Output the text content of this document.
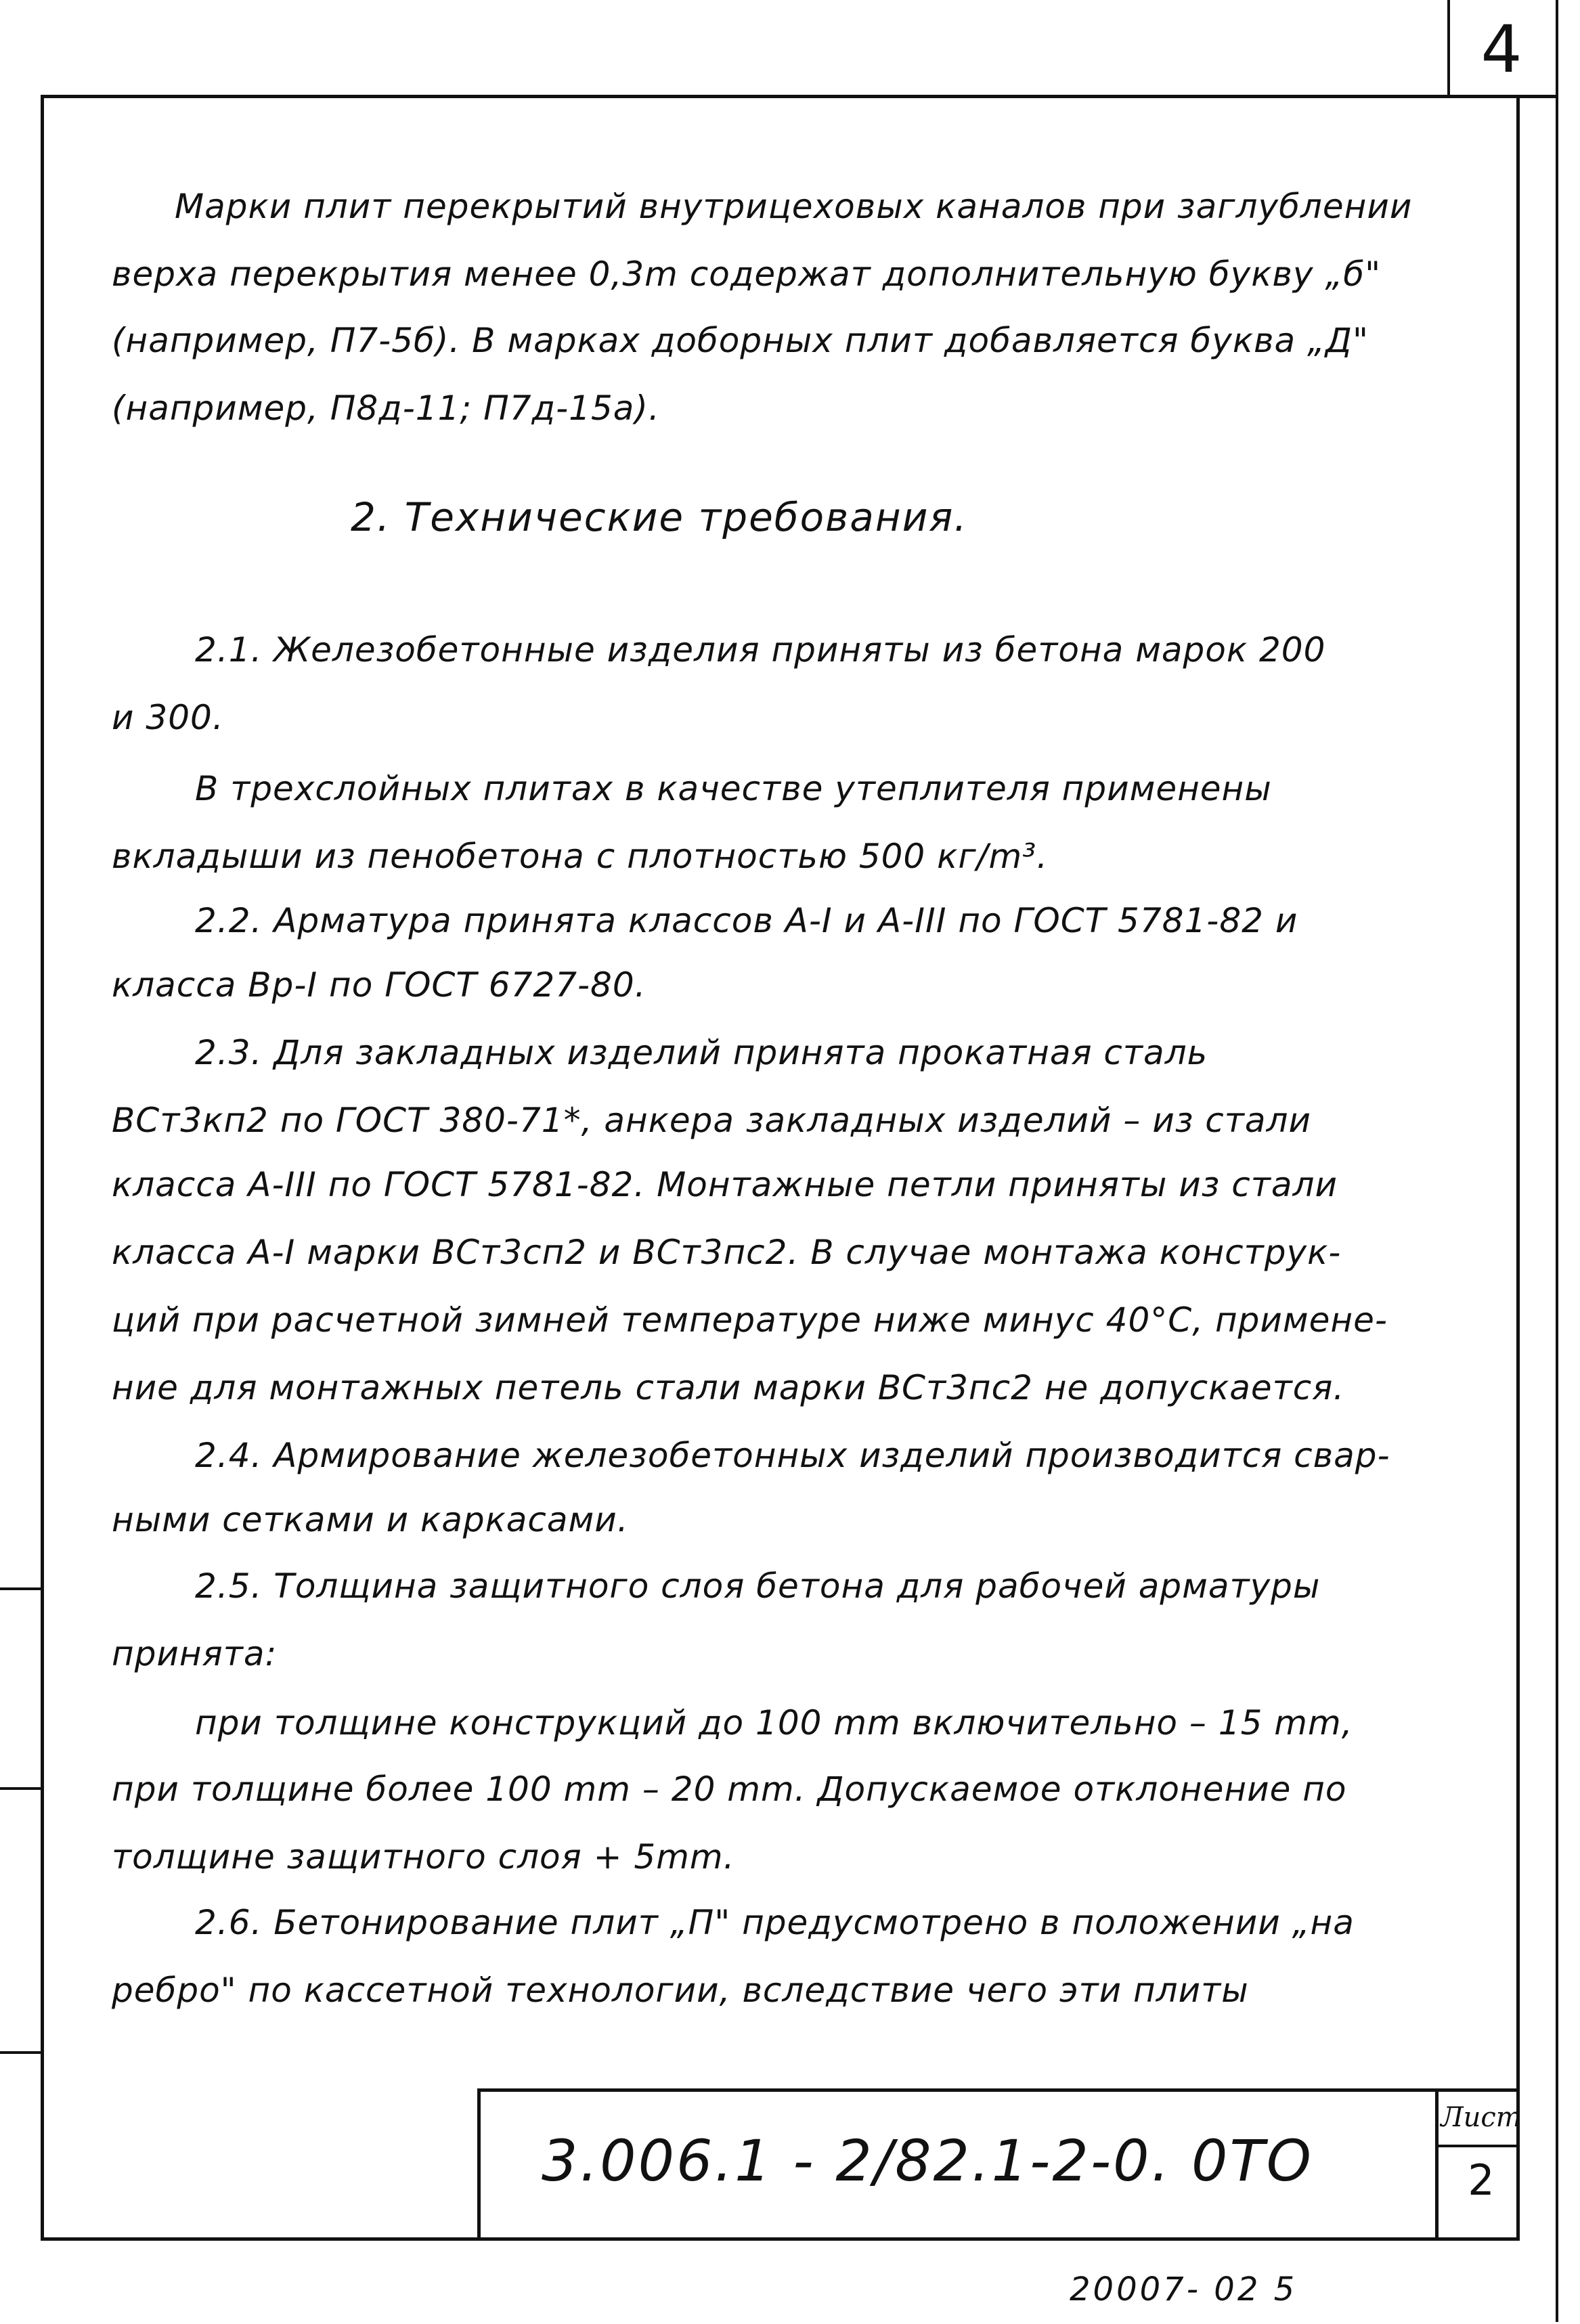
4
Марки плит перекрытий внутрицеховых каналов при заглублении
верха перекрытия менее 0,3m содержат дополнительную букву „б"
(например, П7-5б). В марках доборных плит добавляется буква „Д"
(например, П8д-11; П7д-15а).
2. Технические требования.
2.1. Железобетонные изделия приняты из бетона марок 200
и 300.
В трехслойных плитах в качестве утеплителя применены
вкладыши из пенобетона с плотностью 500 кг/m³.
2.2. Арматура принята классов А-I и А-III по ГОСТ 5781-82 и
класса Вр-I по ГОСТ 6727-80.
2.3. Для закладных изделий принята прокатная сталь
ВСт3кп2 по ГОСТ 380-71*, анкера закладных изделий – из стали
класса А-III по ГОСТ 5781-82. Монтажные петли приняты из стали
класса А-I марки ВСт3сп2 и ВСт3пс2. В случае монтажа конструк-
ций при расчетной зимней температуре ниже минус 40°С, примене-
ние для монтажных петель стали марки ВСт3пс2 не допускается.
2.4. Армирование железобетонных изделий производится свар-
ными сетками и каркасами.
2.5. Толщина защитного слоя бетона для рабочей арматуры
принята:
при толщине конструкций до 100 mm включительно – 15 mm,
при толщине более 100 mm – 20 mm. Допускаемое отклонение по
толщине защитного слоя + 5mm.
2.6. Бетонирование плит „П" предусмотрено в положении „на
ребро" по кассетной технологии, вследствие чего эти плиты
3.006.1 - 2/82.1-2-0. 0ТО
Лист
2
20007- 02 5
